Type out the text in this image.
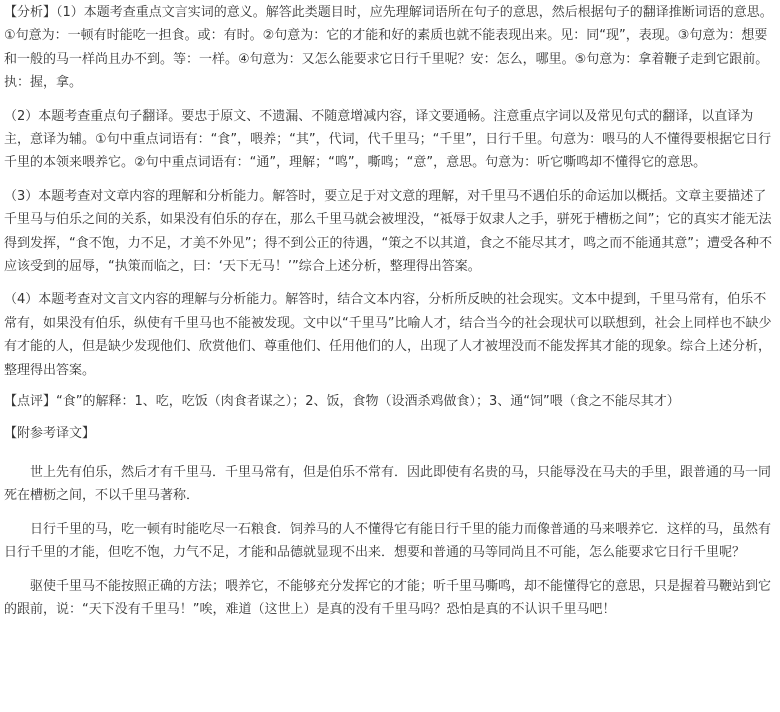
【分析】（1）本题考查重点文言实词的意义。解答此类题目时，应先理解词语所在句子的意思，然后根据句子的翻译推断词语的意思。①句意为：一顿有时能吃一担食。或：有时。②句意为：它的才能和好的素质也就不能表现出来。见：同“现”，表现。③句意为：想要和一般的马一样尚且办不到。等：一样。④句意为：又怎么能要求它日行千里呢？安：怎么，哪里。⑤句意为：拿着鞭子走到它跟前。执：握，拿。

（2）本题考查重点句子翻译。要忠于原文、不遗漏、不随意增减内容，译文要通畅。注意重点字词以及常见句式的翻译，以直译为主，意译为辅。①句中重点词语有：“食”，喂养；“其”，代词，代千里马；“千里”，日行千里。句意为：喂马的人不懂得要根据它日行千里的本领来喂养它。②句中重点词语有：“通”，理解；“鸣”，嘶鸣；“意”，意思。句意为：听它嘶鸣却不懂得它的意思。

（3）本题考查对文章内容的理解和分析能力。解答时，要立足于对文意的理解，对千里马不遇伯乐的命运加以概括。文章主要描述了千里马与伯乐之间的关系，如果没有伯乐的存在，那么千里马就会被埋没，“祗辱于奴隶人之手，骈死于槽枥之间”；它的真实才能无法得到发挥，“食不饱，力不足，才美不外见”；得不到公正的待遇，“策之不以其道，食之不能尽其才，鸣之而不能通其意”；遭受各种不应该受到的屈辱，“执策而临之，曰：‘天下无马！’”综合上述分析，整理得出答案。

（4）本题考查对文言文内容的理解与分析能力。解答时，结合文本内容，分析所反映的社会现实。文本中提到，千里马常有，伯乐不常有，如果没有伯乐，纵使有千里马也不能被发现。文中以“千里马”比喻人才，结合当今的社会现状可以联想到，社会上同样也不缺少有才能的人，但是缺少发现他们、欣赏他们、尊重他们、任用他们的人，出现了人才被埋没而不能发挥其才能的现象。综合上述分析，整理得出答案。

【点评】“食”的解释：1、吃，吃饭（肉食者谋之）；2、饭，食物（设酒杀鸡做食）；3、通“饲”喂（食之不能尽其才）

【附参考译文】

世上先有伯乐，然后才有千里马．千里马常有，但是伯乐不常有．因此即使有名贵的马，只能辱没在马夫的手里，跟普通的马一同死在槽枥之间，不以千里马著称．

日行千里的马，吃一顿有时能吃尽一石粮食．饲养马的人不懂得它有能日行千里的能力而像普通的马来喂养它．这样的马，虽然有日行千里的才能，但吃不饱，力气不足，才能和品德就显现不出来．想要和普通的马等同尚且不可能，怎么能要求它日行千里呢？

驱使千里马不能按照正确的方法；喂养它，不能够充分发挥它的才能；听千里马嘶鸣，却不能懂得它的意思，只是握着马鞭站到它的跟前，说：“天下没有千里马！”唉，难道（这世上）是真的没有千里马吗？恐怕是真的不认识千里马吧！
